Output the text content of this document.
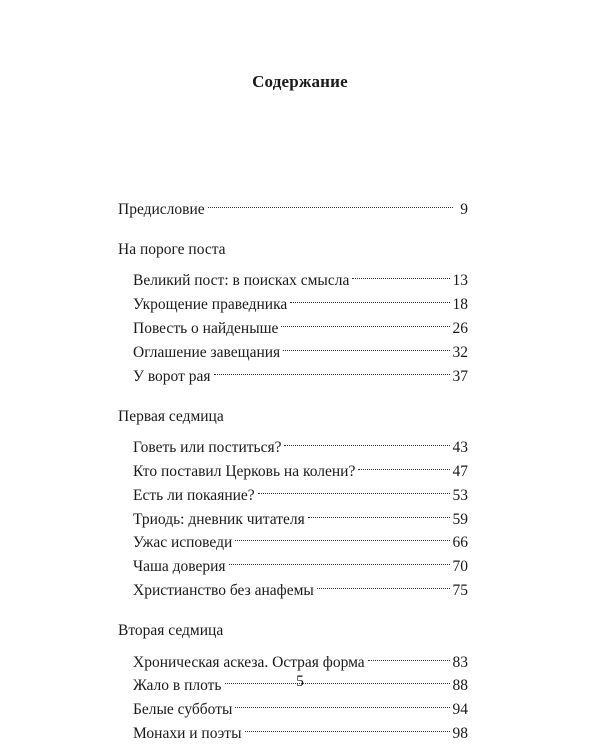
Содержание
Предисловие	9
На пороге поста
Великий пост: в поисках смысла	13
Укрощение праведника	18
Повесть о найденыше	26
Оглашение завещания	32
У ворот рая	37
Первая седмица
Говеть или поститься?	43
Кто поставил Церковь на колени?	47
Есть ли покаяние?	53
Триодь: дневник читателя	59
Ужас исповеди	66
Чаша доверия	70
Христианство без анафемы	75
Вторая седмица
Хроническая аскеза. Острая форма	83
Жало в плоть	88
Белые субботы	94
Монахи и поэты	98
5
